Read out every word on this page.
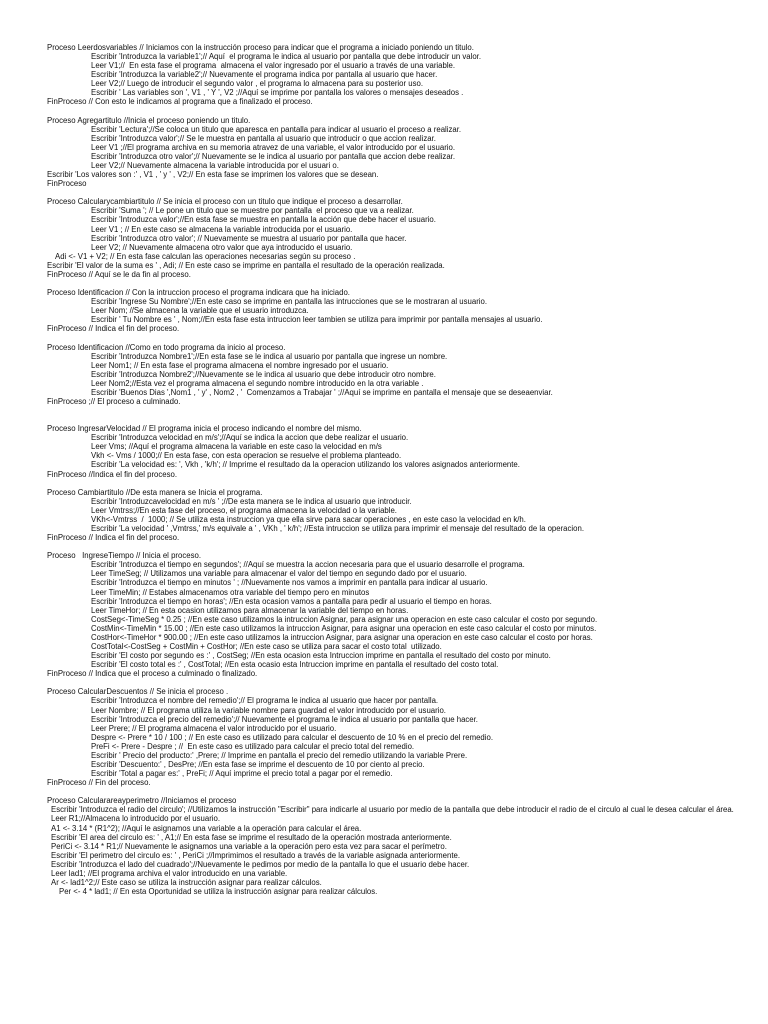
Proceso Leerdosvariables // Iniciamos con la instrucción proceso para indicar que el programa a iniciado poniendo un titulo.
Escribir 'Introduzca la variable1';// Aquí  el programa le indica al usuario por pantalla que debe introducir un valor.
Leer V1;//  En esta fase el programa  almacena el valor ingresado por el usuario a través de una variable.
Escribir 'Introduzca la variable2';// Nuevamente el programa indica por pantalla al usuario que hacer.
Leer V2;// Luego de introducir el segundo valor , el programa lo almacena para su posterior uso.
Escribir ' Las variables son ', V1 , ' Y ', V2 ;//Aquí se imprime por pantalla los valores o mensajes deseados .
FinProceso // Con esto le indicamos al programa que a finalizado el proceso.
Proceso Agregartitulo //Inicia el proceso poniendo un titulo.
Escribir 'Lectura';//Se coloca un titulo que aparesca en pantalla para indicar al usuario el proceso a realizar.
Escribir 'Introduzca valor';// Se le muestra en pantalla al usuario que introducir o que accion realizar.
Leer V1 ;//El programa archiva en su memoria atravez de una variable, el valor introducido por el usuario.
Escribir 'Introduzca otro valor';// Nuevamente se le indica al usuario por pantalla que accion debe realizar.
Leer V2;// Nuevamente almacena la variable introducida por el usuari o.
Escribir 'Los valores son :' , V1 , ' y ' , V2;// En esta fase se imprimen los valores que se desean.
FinProceso
Proceso Calcularycambiartitulo // Se inicia el proceso con un titulo que indique el proceso a desarrollar.
Escribir 'Suma '; // Le pone un titulo que se muestre por pantalla  el proceso que va a realizar.
Escribir 'Introduzca valor';//En esta fase se muestra en pantalla la acción que debe hacer el usuario.
Leer V1 ; // En este caso se almacena la variable introducida por el usuario.
Escribir 'Introduzca otro valor'; // Nuevamente se muestra al usuario por pantalla que hacer.
Leer V2; // Nuevamente almacena otro valor que aya introducido el usuario.
Adi <- V1 + V2; // En esta fase calculan las operaciones necesarias según su proceso .
Escribir 'El valor de la suma es ' , Adi; // En este caso se imprime en pantalla el resultado de la operación realizada.
FinProceso // Aquí se le da fin al proceso.
Proceso Identificacion // Con la intruccion proceso el programa indicara que ha iniciado.
Escribir 'Ingrese Su Nombre';//En este caso se imprime en pantalla las intrucciones que se le mostraran al usuario.
Leer Nom; //Se almacena la variable que el usuario introduzca.
Escribir ' Tu Nombre es ' , Nom;//En esta fase esta intruccion leer tambien se utiliza para imprimir por pantalla mensajes al usuario.
FinProceso // Indica el fin del proceso.
Proceso Identificacion //Como en todo programa da inicio al proceso.
Escribir 'Introduzca Nombre1';//En esta fase se le indica al usuario por pantalla que ingrese un nombre.
Leer Nom1; // En esta fase el programa almacena el nombre ingresado por el usuario.
Escribir 'Introduzca Nombre2';//Nuevamente se le indica al usuario que debe introducir otro nombre.
Leer Nom2;//Esta vez el programa almacena el segundo nombre introducido en la otra variable .
Escribir 'Buenos Dias ',Nom1 , ' y' , Nom2 , '  Comenzamos a Trabajar ' ;//Aquí se imprime en pantalla el mensaje que se deseaenviar.
FinProceso ;// El proceso a culminado.
Proceso IngresarVelocidad // El programa inicia el proceso indicando el nombre del mismo.
Escribir 'Introduzca velocidad en m/s';//Aquí se indica la accion que debe realizar el usuario.
Leer Vms; //Aquí el programa almacena la variable en este caso la velocidad en m/s
Vkh <- Vms / 1000;// En esta fase, con esta operacion se resuelve el problema planteado.
Escribir 'La velocidad es: ', Vkh , 'k/h'; // Imprime el resultado da la operacion utilizando los valores asignados anteriormente.
FinProceso //Indica el fin del proceso.
Proceso Cambiartitulo //De esta manera se Inicia el programa.
Escribir 'Introduzcavelocidad en m/s ' ;//De esta manera se le indica al usuario que introducir.
Leer Vmtrss;//En esta fase del proceso, el programa almacena la velocidad o la variable.
VKh<-Vmtrss  /  1000; // Se utiliza esta instruccion ya que ella sirve para sacar operaciones , en este caso la velocidad en k/h.
Escribir 'La velocidad ' ,Vmtrss,' m/s equivale a ' , VKh , ' k/h'; //Esta intruccion se utiliza para imprimir el mensaje del resultado de la operacion.
FinProceso // Indica el fin del proceso.
Proceso   IngreseTiempo // Inicia el proceso.
Escribir 'Introduzca el tiempo en segundos'; //Aquí se muestra la accion necesaria para que el usuario desarrolle el programa.
Leer TimeSeg; // Utilizamos una variable para almacenar el valor del tiempo en segundo dado por el usuario.
Escribir 'Introduzca el tiempo en minutos ' ; //Nuevamente nos vamos a imprimir en pantalla para indicar al usuario.
Leer TimeMin; // Estabes almacenamos otra variable del tiempo pero en minutos
Escribir 'Introduzca el tiempo en horas'; //En esta ocasion vamos a pantalla para pedir al usuario el tiempo en horas.
Leer TimeHor; // En esta ocasion utilizamos para almacenar la variable del tiempo en horas.
CostSeg<-TimeSeg * 0.25 ; //En este caso utilizamos la intruccion Asignar, para asignar una operacion en este caso calcular el costo por segundo.
CostMin<-TimeMin * 15.00 ; //En este caso utilizamos la intruccion Asignar, para asignar una operacion en este caso calcular el costo por minutos.
CostHor<-TimeHor * 900.00 ; //En este caso utilizamos la intruccion Asignar, para asignar una operacion en este caso calcular el costo por horas.
CostTotal<-CostSeg + CostMin + CostHor; //En este caso se utiliza para sacar el costo total  utilizado.
Escribir 'El costo por segundo es :' , CostSeg; //En esta ocasion esta Intruccion imprime en pantalla el resultado del costo por minuto.
Escribir 'El costo total es :' , CostTotal; //En esta ocasio esta Intruccion imprime en pantalla el resultado del costo total.
FinProceso // Indica que el proceso a culminado o finalizado.
Proceso CalcularDescuentos // Se inicia el proceso .
Escribir 'Introduzca el nombre del remedio';// El programa le indica al usuario que hacer por pantalla.
Leer Nombre; // El programa utiliza la variable nombre para guardad el valor introducido por el usuario.
Escribir 'Introduzca el precio del remedio';// Nuevamente el programa le indica al usuario por pantalla que hacer.
Leer Prere; // El programa almacena el valor introducido por el usuario.
Despre <- Prere * 10 / 100 ; // En este caso es utilizado para calcular el descuento de 10 % en el precio del remedio.
PreFi <- Prere - Despre ; //  En este caso es utilizado para calcular el precio total del remedio.
Escribir ' Precio del producto:' ,Prere; // Imprime en pantalla el precio del remedio utilizando la variable Prere.
Escribir 'Descuento:' , DesPre; //En esta fase se imprime el descuento de 10 por ciento al precio.
Escribir 'Total a pagar es:' , PreFi; // Aquí imprime el precio total a pagar por el remedio.
FinProceso // Fin del proceso.
Proceso Calcularareayperimetro //Iniciamos el proceso
Escribir 'Introduzca el radio del circulo'; //Utilizamos la instrucción "Escribir" para indicarle al usuario por medio de la pantalla que debe introducir el radio de el circulo al cual le desea calcular el área.
Leer R1;//Almacena lo introducido por el usuario.
A1 <- 3.14 * (R1^2); //Aquí le asignamos una variable a la operación para calcular el área.
Escribir 'El area del circulo es: ' , A1;// En esta fase se imprime el resultado de la operación mostrada anteriormente.
PeriCi <- 3.14 * R1;// Nuevamente le asignamos una variable a la operación pero esta vez para sacar el perímetro.
Escribir 'El perimetro del circulo es: ' , PeriCi ;//Imprimimos el resultado a través de la variable asignada anteriormente.
Escribir 'Introduzca el lado del cuadrado';//Nuevamente le pedimos por medio de la pantalla lo que el usuario debe hacer.
Leer lad1; //El programa archiva el valor introducido en una variable.
Ar <- lad1^2;// Este caso se utiliza la instrucción asignar para realizar cálculos.
Per <- 4 * lad1; // En esta Oportunidad se utiliza la instrucción asignar para realizar cálculos.
